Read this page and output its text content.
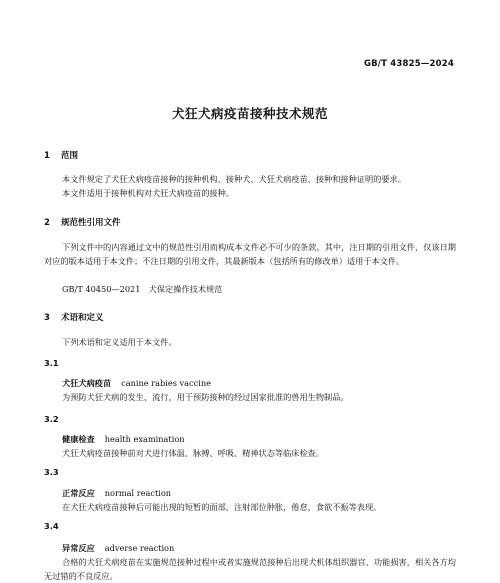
GB/T 43825—2024
犬狂犬病疫苗接种技术规范
1 范围
本文件规定了犬狂犬病疫苗接种的接种机构、接种犬、犬狂犬病疫苗、接种和接种证明的要求。
本文件适用于接种机构对犬狂犬病疫苗的接种。
2 规范性引用文件
下列文件中的内容通过文中的规范性引用而构成本文件必不可少的条款。其中，注日期的引用文件，仅该日期对应的版本适用于本文件；不注日期的引用文件，其最新版本（包括所有的修改单）适用于本文件。
GB/T 40450—2021　犬保定操作技术规范
3 术语和定义
下列术语和定义适用于本文件。
3.1
犬狂犬病疫苗 canine rabies vaccine
为预防犬狂犬病的发生、流行，用于预防接种的经过国家批准的兽用生物制品。
3.2
健康检查 health examination
犬狂犬病疫苗接种前对犬进行体温、脉搏、呼吸、精神状态等临床检查。
3.3
正常反应 normal reaction
在犬狂犬病疫苗接种后可能出现的短暂的面部、注射部位肿胀，倦怠，食欲不振等表现。
3.4
异常反应 adverse reaction
合格的犬狂犬病疫苗在实施规范接种过程中或者实施规范接种后出现犬机体组织器官、功能损害，相关各方均无过错的不良反应。
